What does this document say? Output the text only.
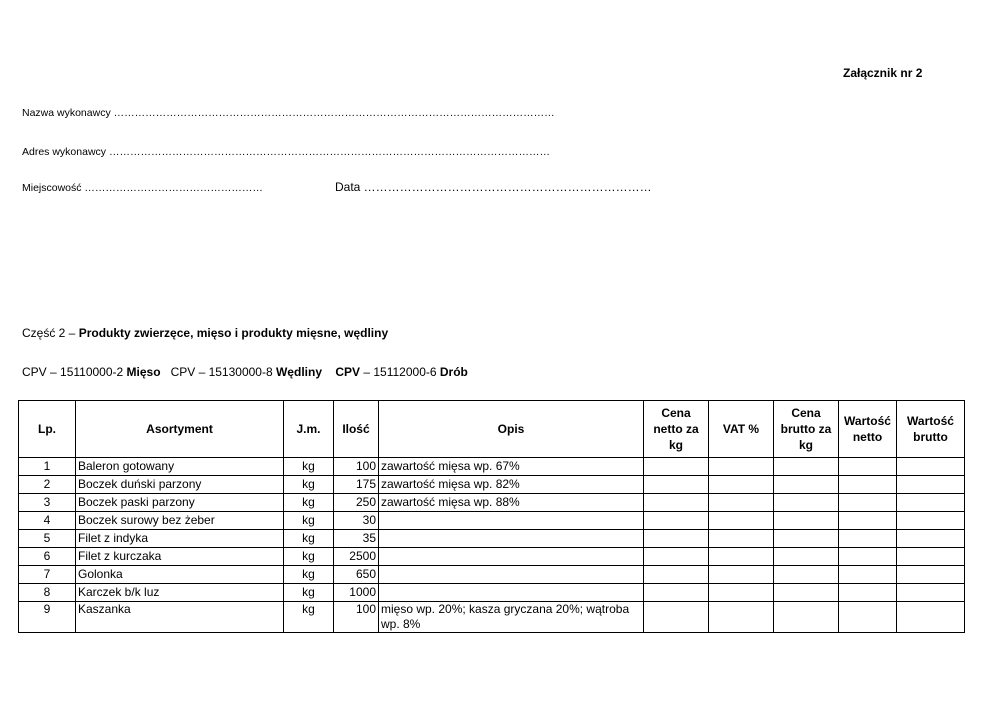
Załącznik nr 2
Nazwa wykonawcy ………………………………………………………………………………………………………………
Adres wykonawcy ………………………………………………………………………………………………………………
Miejscowość ……………………………………………	Data ………………………………………………………………
Część 2 – Produkty zwierzęce, mięso i produkty mięsne, wędliny
CPV – 15110000-2 Mięso CPV – 15130000-8 Wędliny CPV – 15112000-6 Drób
Lp.	Asortyment	J.m.	Ilość	Opis	Cena netto za kg	VAT %	Cena brutto za kg	Wartość netto	Wartość brutto
1	Baleron gotowany	kg	100	zawartość mięsa wp. 67%					
2	Boczek duński parzony	kg	175	zawartość mięsa wp. 82%					
3	Boczek paski parzony	kg	250	zawartość mięsa wp. 88%					
4	Boczek surowy bez żeber	kg	30						
5	Filet z indyka	kg	35						
6	Filet z kurczaka	kg	2500						
7	Golonka	kg	650						
8	Karczek b/k luz	kg	1000						
9	Kaszanka	kg	100	mięso wp. 20%; kasza gryczana 20%; wątroba wp. 8%					
